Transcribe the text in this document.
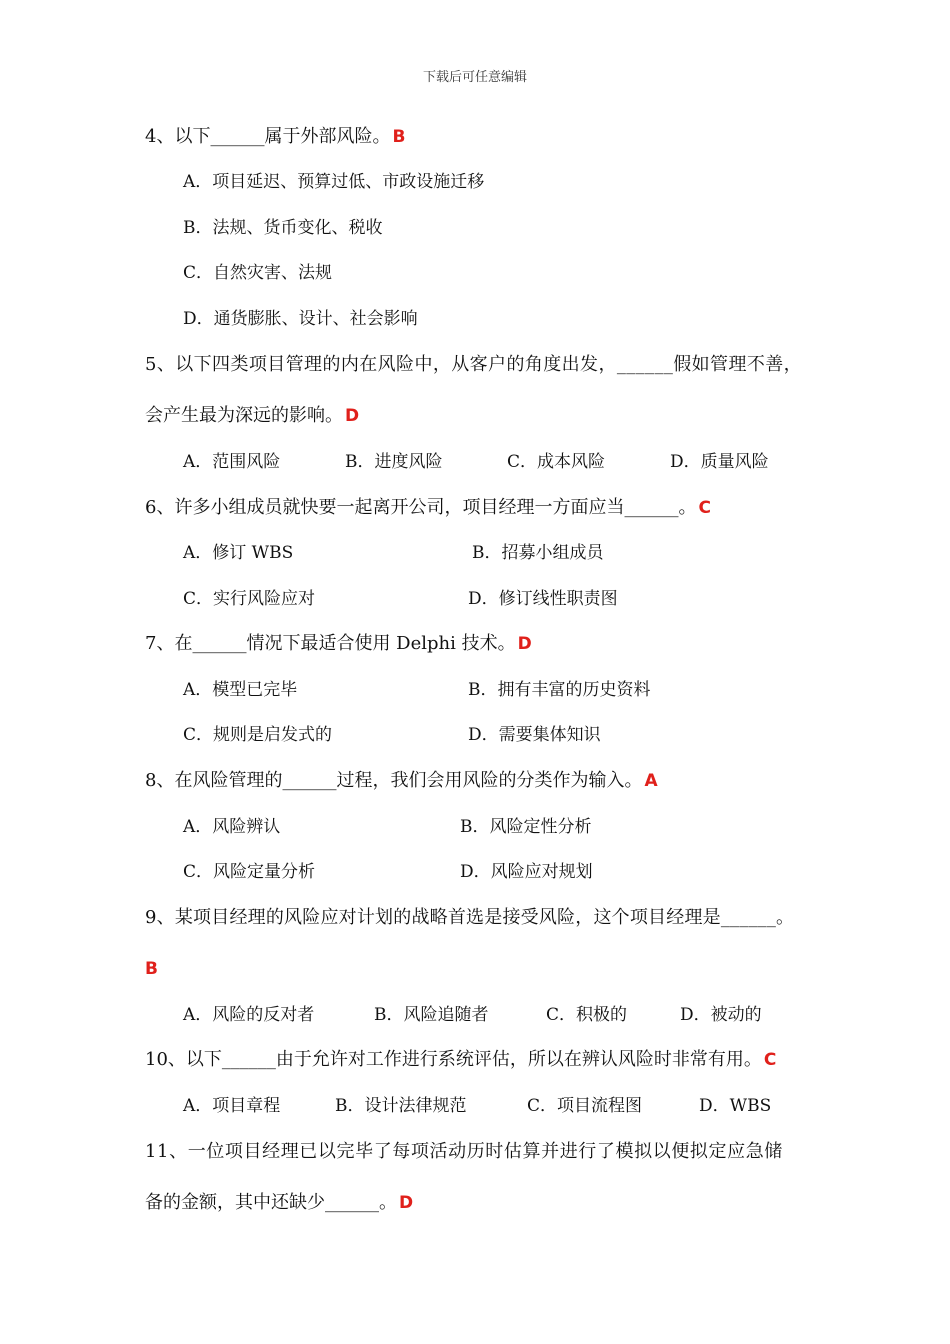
下载后可任意编辑
4、以下______属于外部风险。 B
A．项目延迟、预算过低、市政设施迁移
B．法规、货币变化、税收
C．自然灾害、法规
D．通货膨胀、设计、社会影响
5、以下四类项目管理的内在风险中，从客户的角度出发，______假如管理不善，
会产生最为深远的影响。 D
A．范围风险	B．进度风险	C．成本风险	D．质量风险
6、许多小组成员就快要一起离开公司，项目经理一方面应当______。 C
A．修订 WBS	B．招募小组成员
C．实行风险应对	D．修订线性职责图
7、在______情况下最适合使用 Delphi 技术。 D
A．模型已完毕	B．拥有丰富的历史资料
C．规则是启发式的	D．需要集体知识
8、在风险管理的______过程，我们会用风险的分类作为输入。 A
A．风险辨认	B．风险定性分析
C．风险定量分析	D．风险应对规划
9、某项目经理的风险应对计划的战略首选是接受风险，这个项目经理是______。
B
A．风险的反对者	B．风险追随者	C．积极的	D．被动的
10、以下______由于允许对工作进行系统评估，所以在辨认风险时非常有用。 C
A．项目章程	B．设计法律规范	C．项目流程图	D．WBS
11、一位项目经理已以完毕了每项活动历时估算并进行了模拟以便拟定应急储
备的金额，其中还缺少______。 D
